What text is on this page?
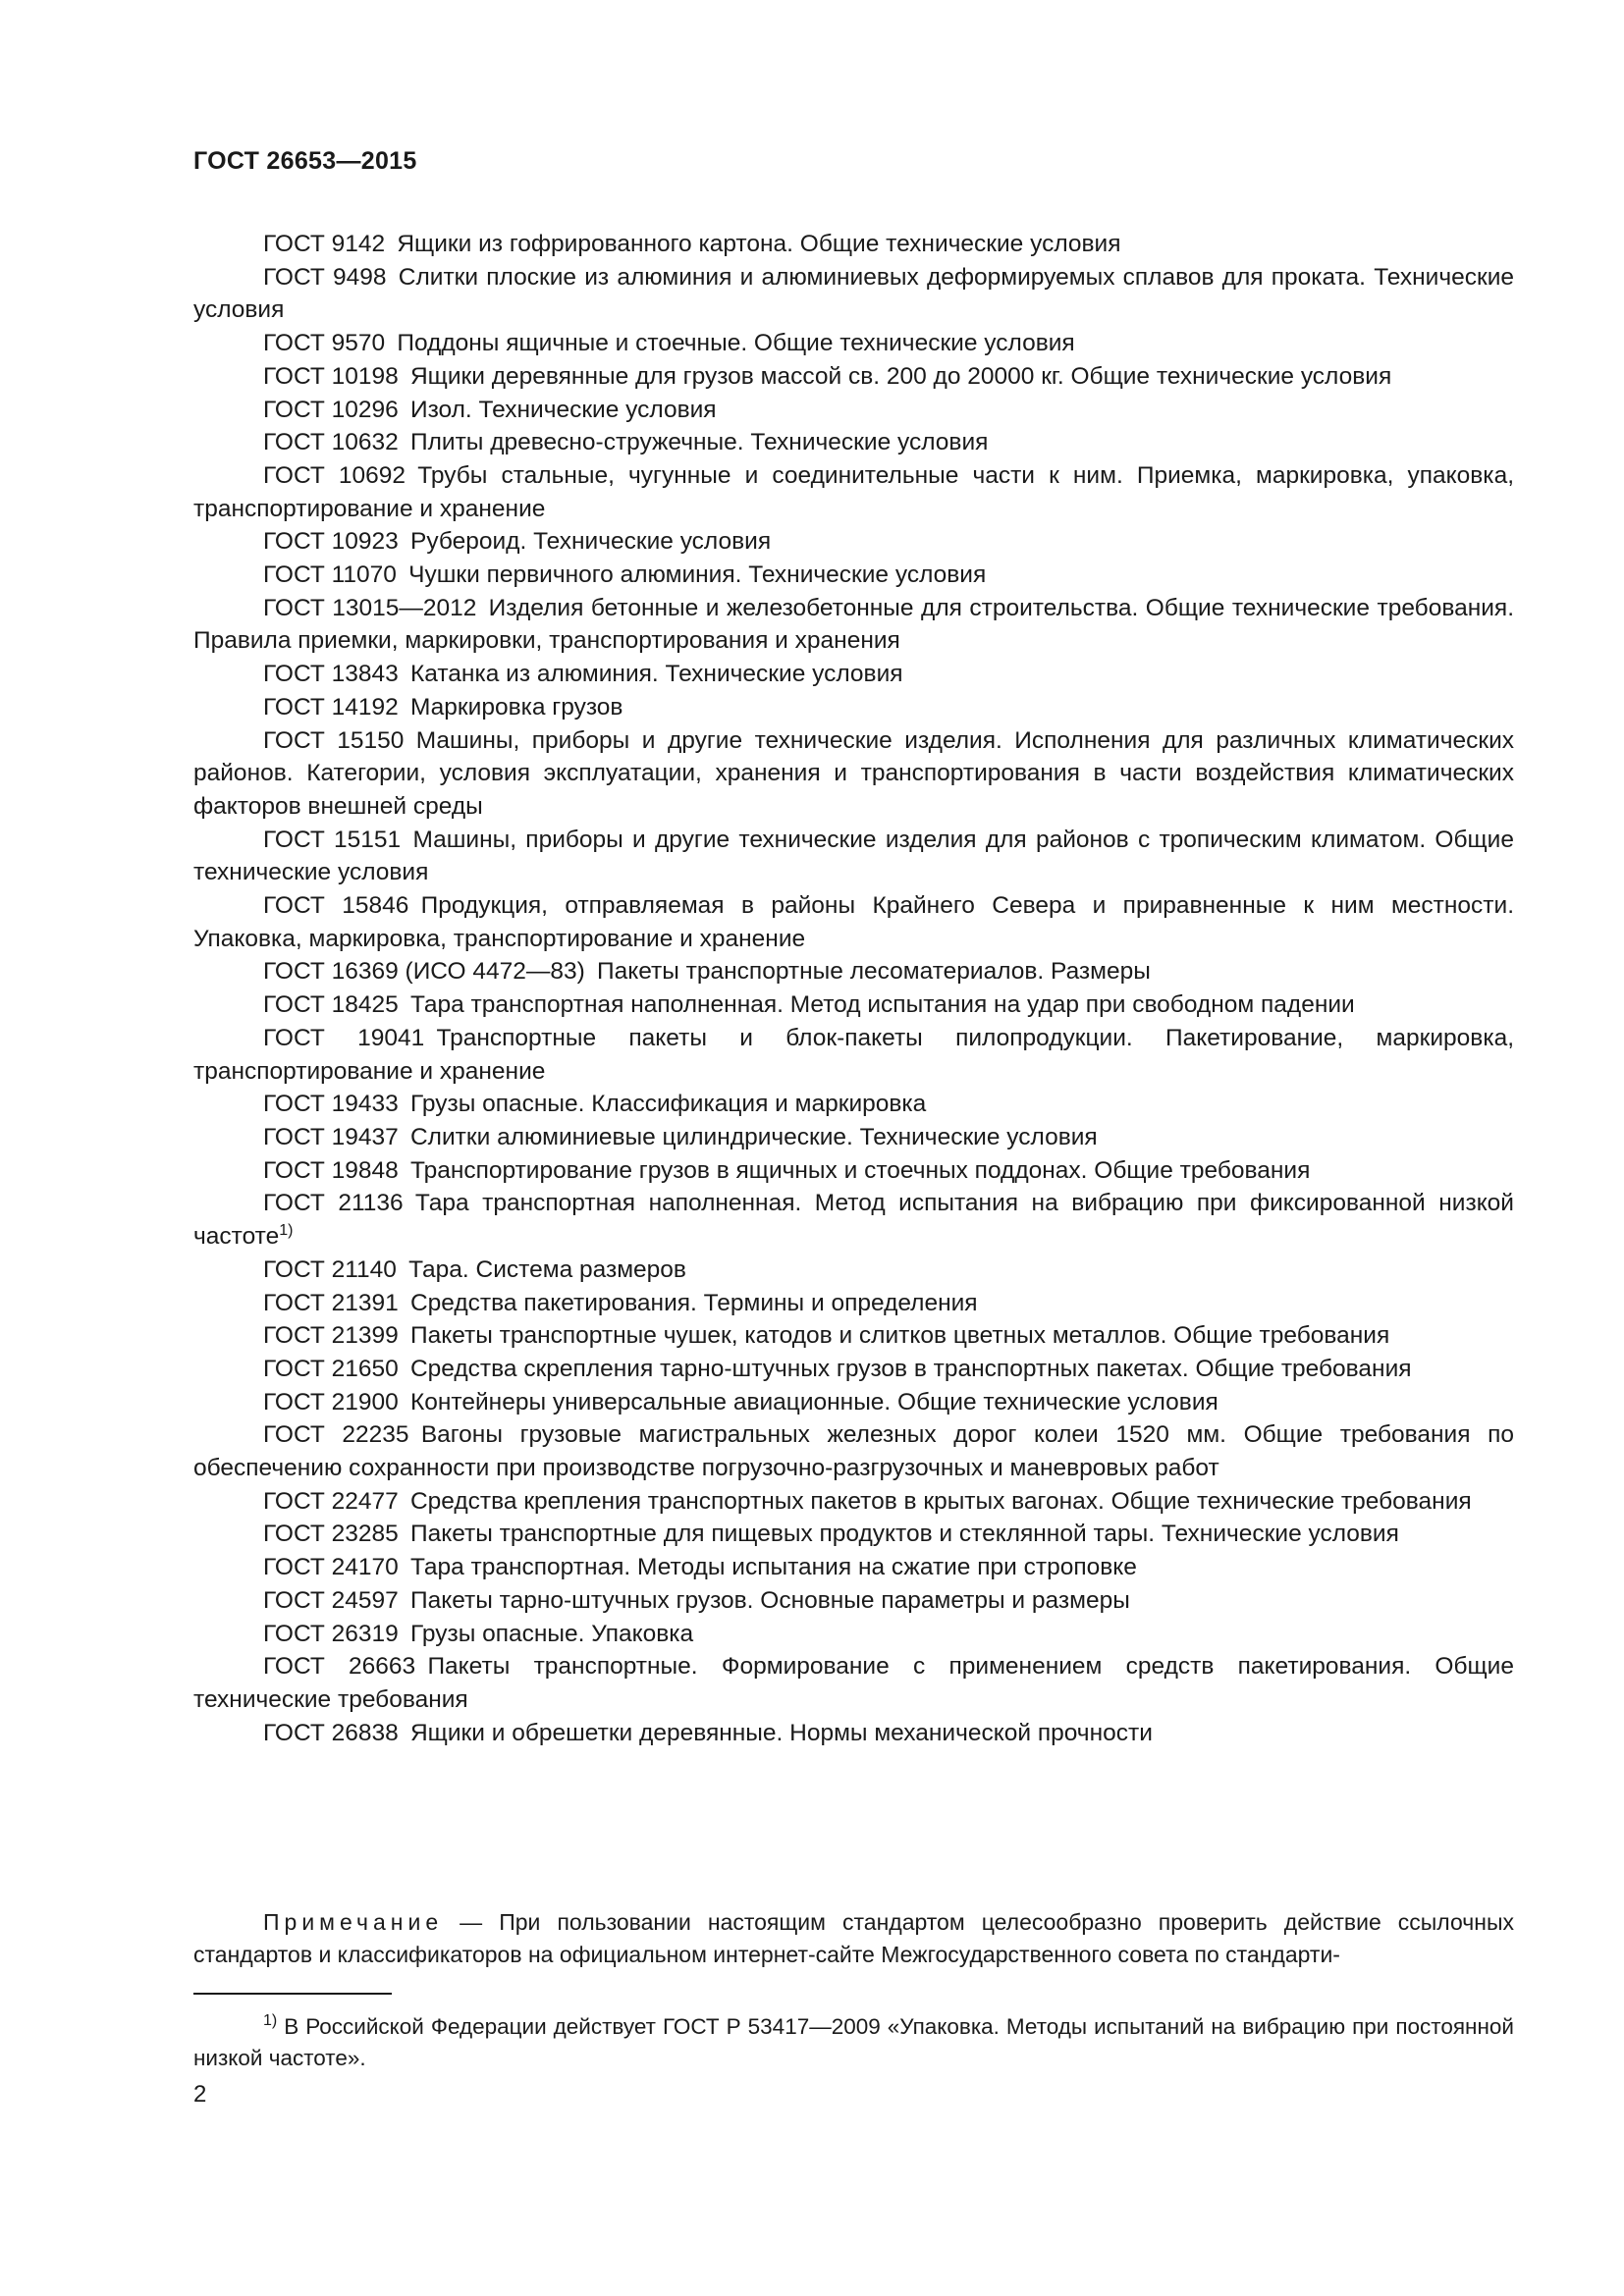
ГОСТ 26653—2015

ГОСТ 9142  Ящики из гофрированного картона. Общие технические условия

ГОСТ 9498  Слитки плоские из алюминия и алюминиевых деформируемых сплавов для проката. Технические условия

ГОСТ 9570  Поддоны ящичные и стоечные. Общие технические условия

ГОСТ 10198  Ящики деревянные для грузов массой св. 200 до 20000 кг. Общие технические условия

ГОСТ 10296  Изол. Технические условия

ГОСТ 10632  Плиты древесно-стружечные. Технические условия

ГОСТ 10692  Трубы стальные, чугунные и соединительные части к ним. Приемка, маркировка, упаковка, транспортирование и хранение

ГОСТ 10923  Рубероид. Технические условия

ГОСТ 11070  Чушки первичного алюминия. Технические условия

ГОСТ 13015—2012  Изделия бетонные и железобетонные для строительства. Общие технические требования. Правила приемки, маркировки, транспортирования и хранения

ГОСТ 13843  Катанка из алюминия. Технические условия

ГОСТ 14192  Маркировка грузов

ГОСТ 15150  Машины, приборы и другие технические изделия. Исполнения для различных климатических районов. Категории, условия эксплуатации, хранения и транспортирования в части воздействия климатических факторов внешней среды

ГОСТ 15151  Машины, приборы и другие технические изделия для районов с тропическим климатом. Общие технические условия

ГОСТ 15846  Продукция, отправляемая в районы Крайнего Севера и приравненные к ним местности. Упаковка, маркировка, транспортирование и хранение

ГОСТ 16369 (ИСО 4472—83)  Пакеты транспортные лесоматериалов. Размеры

ГОСТ 18425  Тара транспортная наполненная. Метод испытания на удар при свободном падении

ГОСТ 19041  Транспортные пакеты и блок-пакеты пилопродукции. Пакетирование, маркировка, транспортирование и хранение

ГОСТ 19433  Грузы опасные. Классификация и маркировка

ГОСТ 19437  Слитки алюминиевые цилиндрические. Технические условия

ГОСТ 19848  Транспортирование грузов в ящичных и стоечных поддонах. Общие требования

ГОСТ 21136  Тара транспортная наполненная. Метод испытания на вибрацию при фиксированной низкой частоте$^{1)}$

ГОСТ 21140  Тара. Система размеров

ГОСТ 21391  Средства пакетирования. Термины и определения

ГОСТ 21399  Пакеты транспортные чушек, катодов и слитков цветных металлов. Общие требования

ГОСТ 21650  Средства скрепления тарно-штучных грузов в транспортных пакетах. Общие требования

ГОСТ 21900  Контейнеры универсальные авиационные. Общие технические условия

ГОСТ 22235  Вагоны грузовые магистральных железных дорог колеи 1520 мм. Общие требования по обеспечению сохранности при производстве погрузочно-разгрузочных и маневровых работ

ГОСТ 22477  Средства крепления транспортных пакетов в крытых вагонах. Общие технические требования

ГОСТ 23285  Пакеты транспортные для пищевых продуктов и стеклянной тары. Технические условия

ГОСТ 24170  Тара транспортная. Методы испытания на сжатие при строповке

ГОСТ 24597  Пакеты тарно-штучных грузов. Основные параметры и размеры

ГОСТ 26319  Грузы опасные. Упаковка

ГОСТ 26663  Пакеты транспортные. Формирование с применением средств пакетирования. Общие технические требования

ГОСТ 26838  Ящики и обрешетки деревянные. Нормы механической прочности

Примечание — При пользовании настоящим стандартом целесообразно проверить действие ссылочных стандартов и классификаторов на официальном интернет-сайте Межгосударственного совета по стандарти-

$^{1)}$ В Российской Федерации действует ГОСТ Р 53417—2009 «Упаковка. Методы испытаний на вибрацию при постоянной низкой частоте».

2
